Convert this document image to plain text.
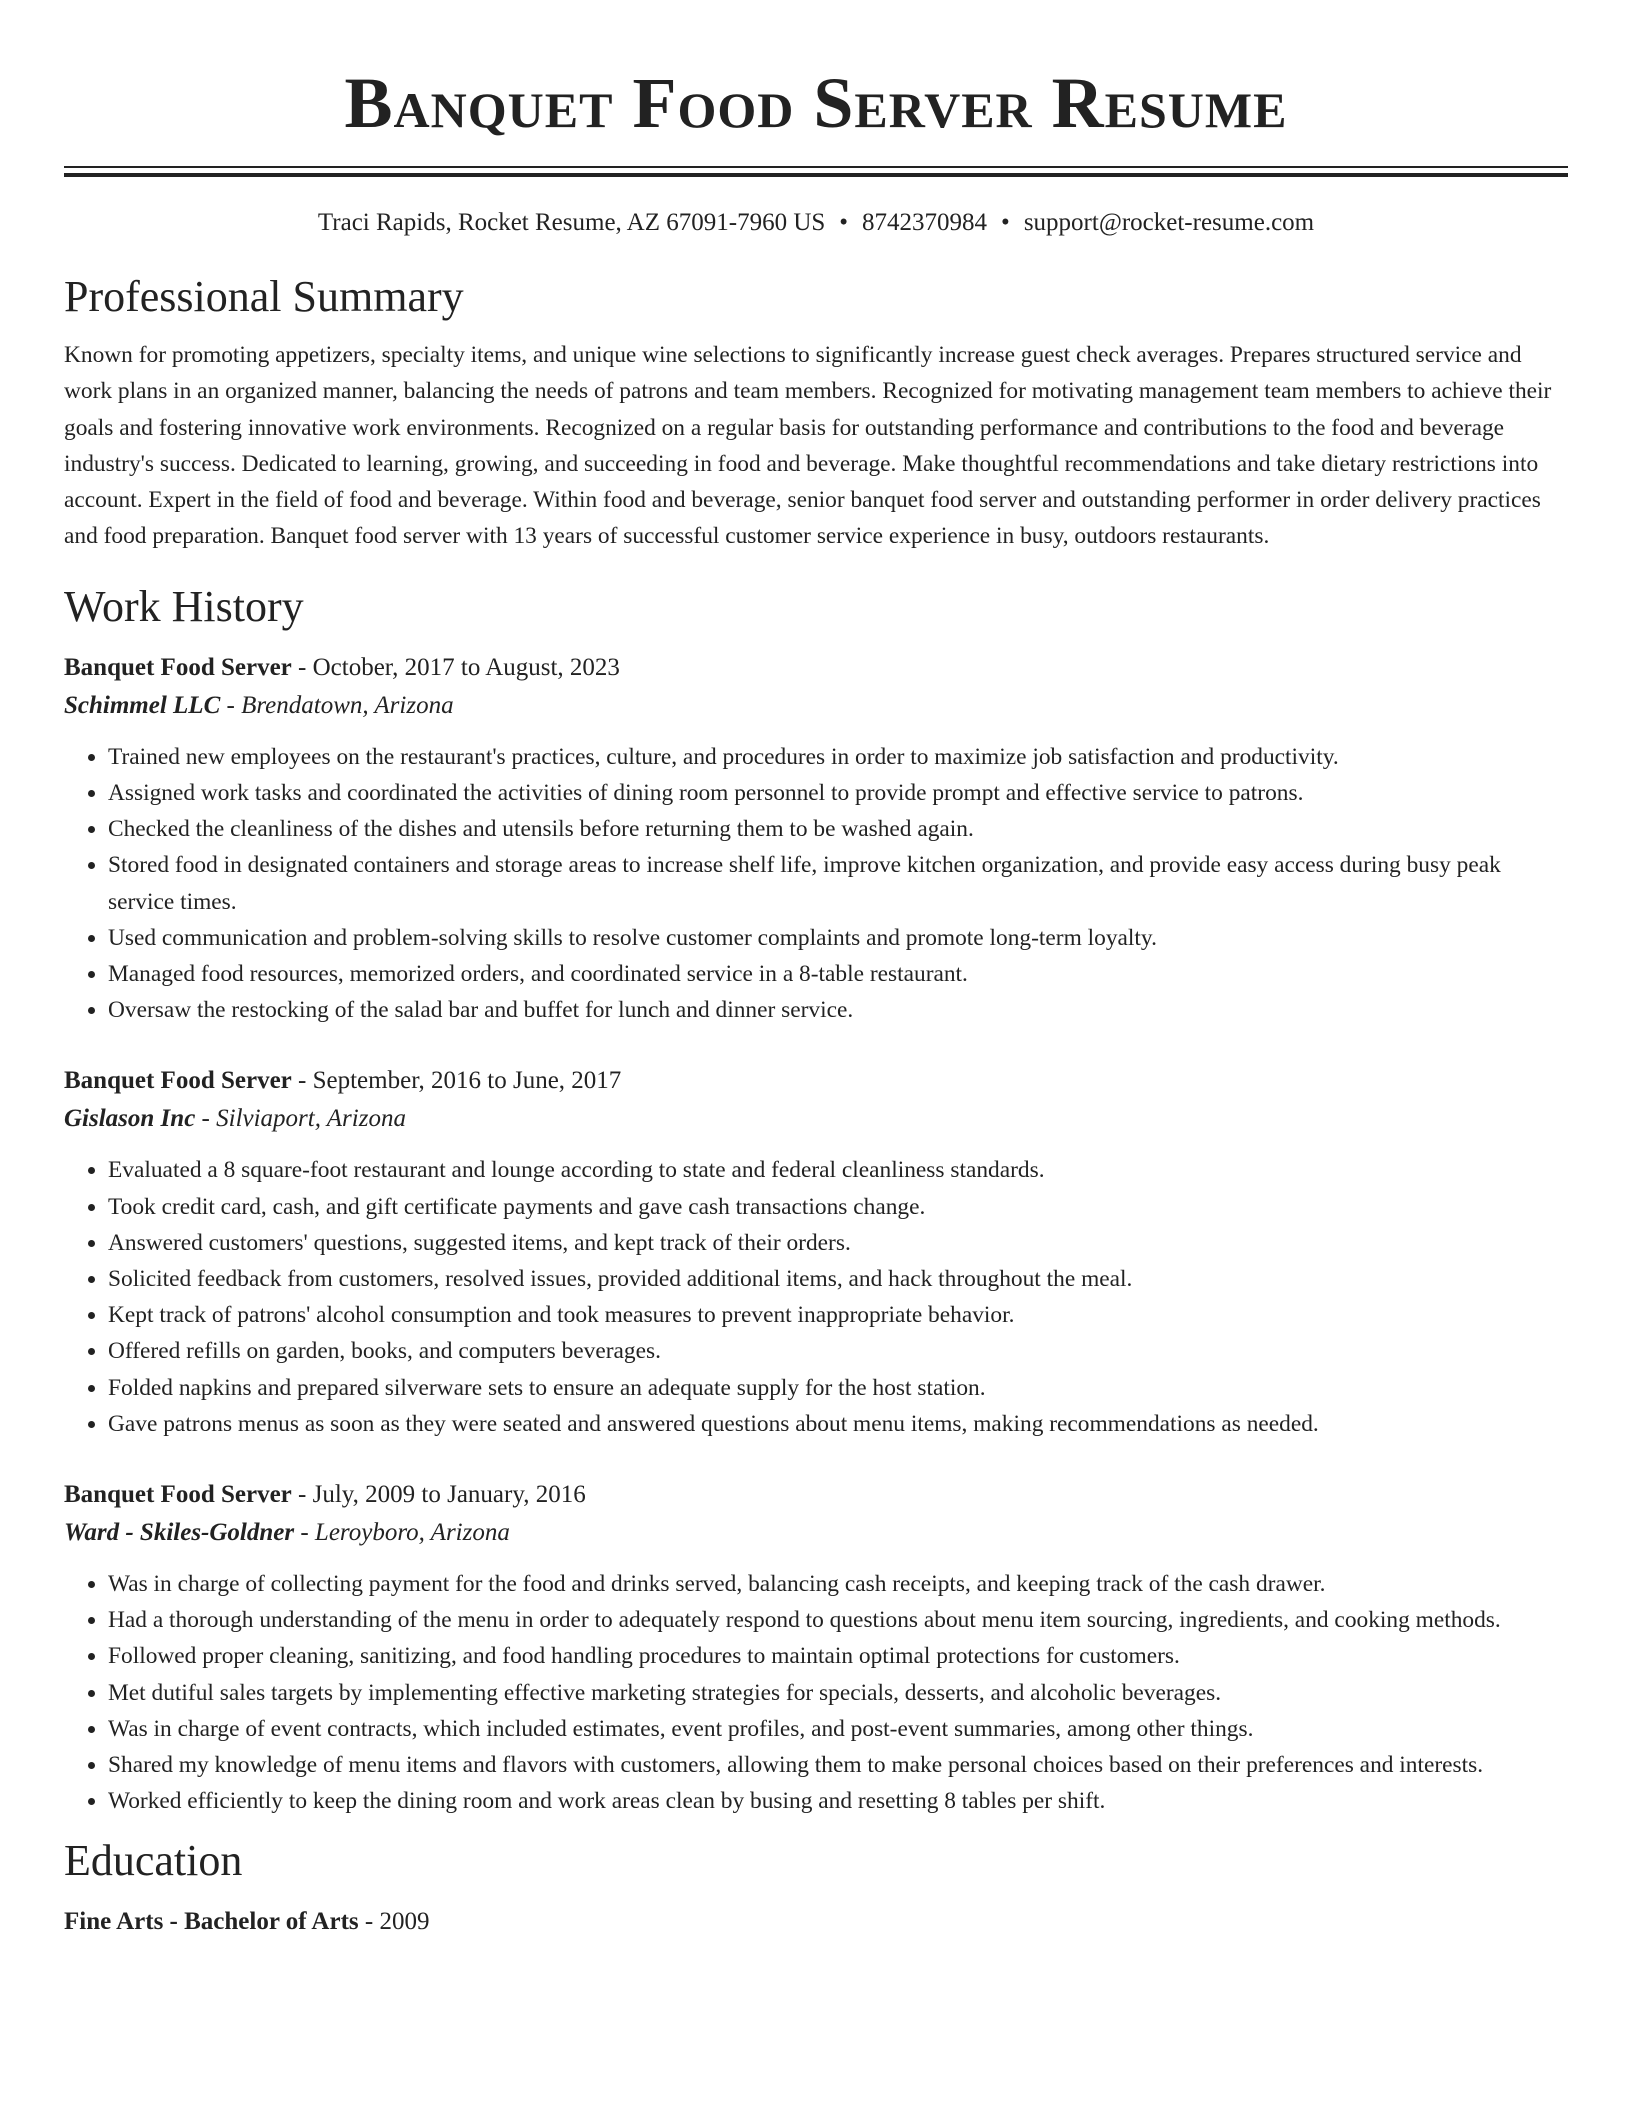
Banquet Food Server Resume
Traci Rapids, Rocket Resume, AZ 67091-7960 US • 8742370984 • support@rocket-resume.com
Professional Summary

Known for promoting appetizers, specialty items, and unique wine selections to significantly increase guest check averages. Prepares structured service and work plans in an organized manner, balancing the needs of patrons and team members. Recognized for motivating management team members to achieve their goals and fostering innovative work environments. Recognized on a regular basis for outstanding performance and contributions to the food and beverage industry's success. Dedicated to learning, growing, and succeeding in food and beverage. Make thoughtful recommendations and take dietary restrictions into account. Expert in the field of food and beverage. Within food and beverage, senior banquet food server and outstanding performer in order delivery practices and food preparation. Banquet food server with 13 years of successful customer service experience in busy, outdoors restaurants.

Work History
Banquet Food Server - October, 2017 to August, 2023
Schimmel LLC - Brendatown, Arizona
• Trained new employees on the restaurant's practices, culture, and procedures in order to maximize job satisfaction and productivity.
• Assigned work tasks and coordinated the activities of dining room personnel to provide prompt and effective service to patrons.
• Checked the cleanliness of the dishes and utensils before returning them to be washed again.
• Stored food in designated containers and storage areas to increase shelf life, improve kitchen organization, and provide easy access during busy peak service times.
• Used communication and problem-solving skills to resolve customer complaints and promote long-term loyalty.
• Managed food resources, memorized orders, and coordinated service in a 8-table restaurant.
• Oversaw the restocking of the salad bar and buffet for lunch and dinner service.
Banquet Food Server - September, 2016 to June, 2017
Gislason Inc - Silviaport, Arizona
• Evaluated a 8 square-foot restaurant and lounge according to state and federal cleanliness standards.
• Took credit card, cash, and gift certificate payments and gave cash transactions change.
• Answered customers' questions, suggested items, and kept track of their orders.
• Solicited feedback from customers, resolved issues, provided additional items, and hack throughout the meal.
• Kept track of patrons' alcohol consumption and took measures to prevent inappropriate behavior.
• Offered refills on garden, books, and computers beverages.
• Folded napkins and prepared silverware sets to ensure an adequate supply for the host station.
• Gave patrons menus as soon as they were seated and answered questions about menu items, making recommendations as needed.
Banquet Food Server - July, 2009 to January, 2016
Ward - Skiles-Goldner - Leroyboro, Arizona
• Was in charge of collecting payment for the food and drinks served, balancing cash receipts, and keeping track of the cash drawer.
• Had a thorough understanding of the menu in order to adequately respond to questions about menu item sourcing, ingredients, and cooking methods.
• Followed proper cleaning, sanitizing, and food handling procedures to maintain optimal protections for customers.
• Met dutiful sales targets by implementing effective marketing strategies for specials, desserts, and alcoholic beverages.
• Was in charge of event contracts, which included estimates, event profiles, and post-event summaries, among other things.
• Shared my knowledge of menu items and flavors with customers, allowing them to make personal choices based on their preferences and interests.
• Worked efficiently to keep the dining room and work areas clean by busing and resetting 8 tables per shift.
Education
Fine Arts - Bachelor of Arts - 2009
